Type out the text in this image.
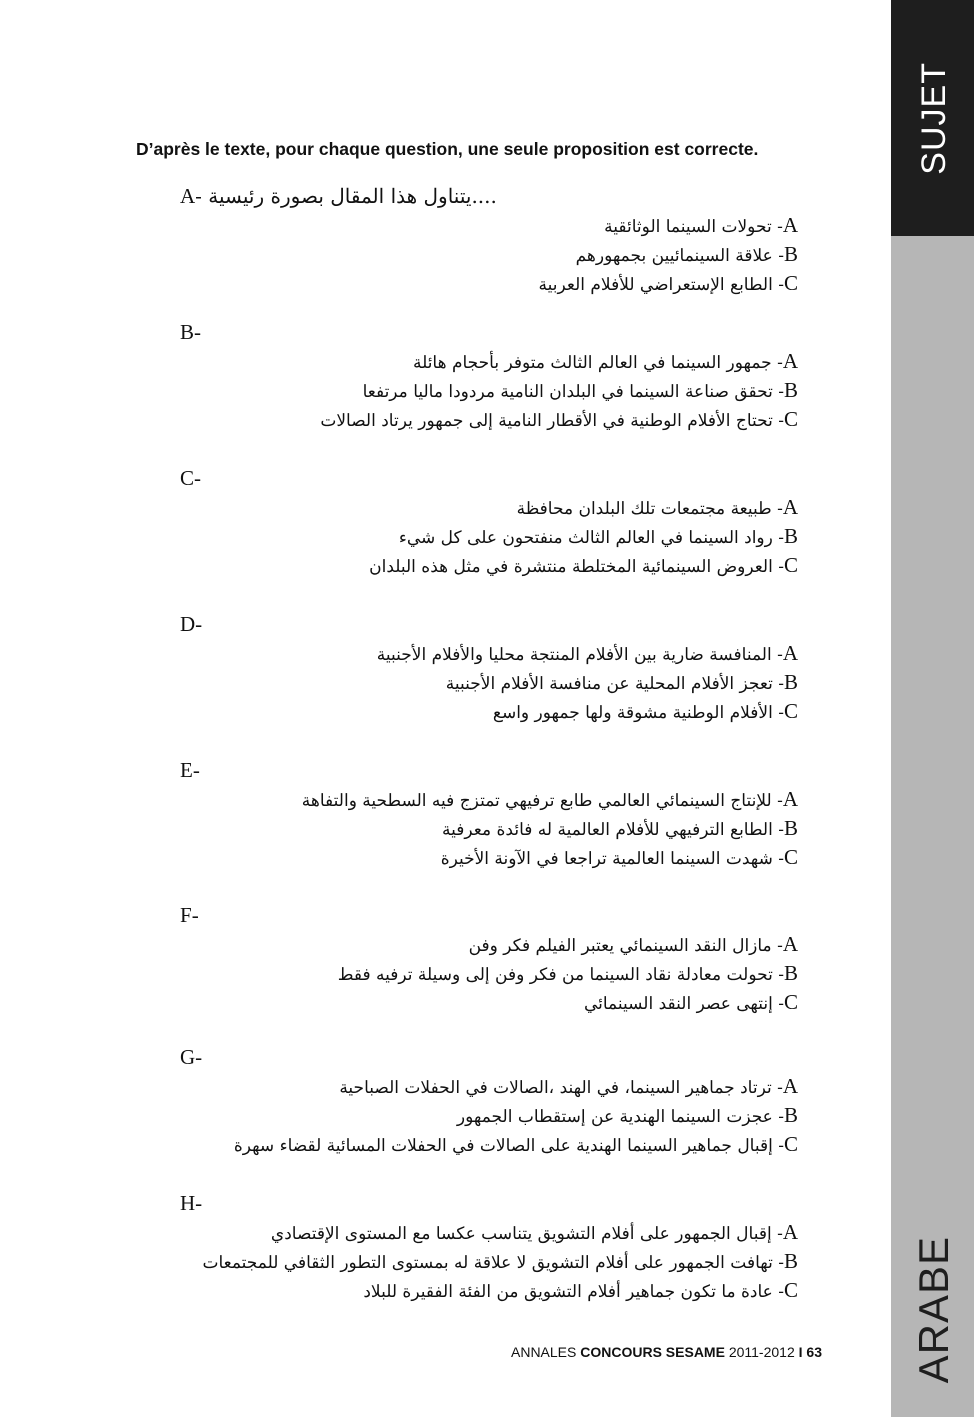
SUJET
ARABE
D’après le texte, pour chaque question, une seule proposition est correcte.
A- يتناول هذا المقال بصورة رئيسية....
A- تحولات السينما الوثائقية
B- علاقة السينمائيين بجمهورهم
C- الطابع الإستعراضي للأفلام العربية
B-
A- جمهور السينما في العالم الثالث متوفر بأحجام هائلة
B- تحقق صناعة السينما في البلدان النامية مردودا ماليا مرتفعا
C- تحتاج الأفلام الوطنية في الأقطار النامية إلى جمهور يرتاد الصالات
C-
A- طبيعة مجتمعات تلك البلدان محافظة
B- رواد السينما في العالم الثالث منفتحون على كل شيء
C- العروض السينمائية المختلطة منتشرة في مثل هذه البلدان
D-
A- المنافسة ضارية بين الأفلام المنتجة محليا والأفلام الأجنبية
B- تعجز الأفلام المحلية عن منافسة الأفلام الأجنبية
C- الأفلام الوطنية مشوقة ولها جمهور واسع
E-
A- للإنتاج السينمائي العالمي طابع ترفيهي تمتزج فيه السطحية والتفاهة
B- الطابع الترفيهي للأفلام العالمية له فائدة معرفية
C- شهدت السينما العالمية تراجعا في الآونة الأخيرة
F-
A- مازال النقد السينمائي يعتبر الفيلم فكر وفن
B- تحولت معادلة نقاد السينما من فكر وفن إلى وسيلة ترفيه فقط
C- إنتهى عصر النقد السينمائي
G-
A- ترتاد جماهير السينما، في الهند ،الصالات في الحفلات الصباحية
B- عجزت السينما الهندية عن إستقطاب الجمهور
C- إقبال جماهير السينما الهندية على الصالات في الحفلات المسائية لقضاء سهرة
H-
A- إقبال الجمهور على أفلام التشويق يتناسب عكسا مع المستوى الإقتصادي
B- تهافت الجمهور على أفلام التشويق لا علاقة له بمستوى التطور الثقافي للمجتمعات
C- عادة ما تكون جماهير أفلام التشويق من الفئة الفقيرة للبلاد
ANNALES CONCOURS SESAME 2011-2012 I 63
